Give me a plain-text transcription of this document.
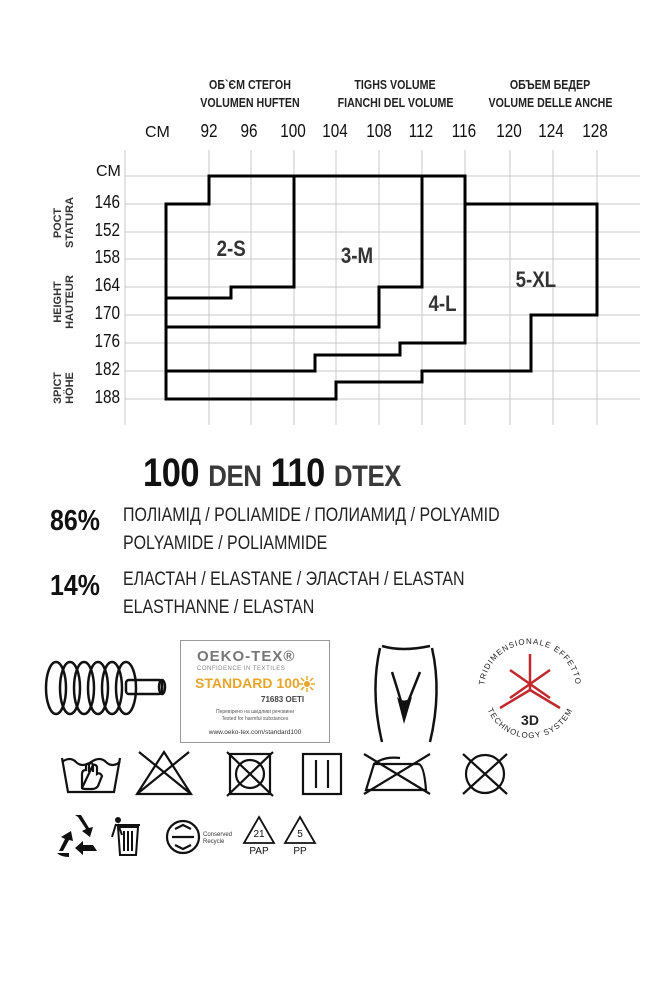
ОБ`ЄМ СТЕГОН
VOLUMEN HUFTEN
TIGHS VOLUME
FIANCHI DEL VOLUME
ОБЪЕМ БЕДЕР
VOLUME DELLE ANCHE
CM
CM
92	96	100 104 108 112 116 120 124 128
146
152
158
164
170
176
182
188
РОСТ STATURA
HEIGHT HAUTEUR
ЗРІСТ HÖHE
2-S	3-M
4-L
5-XL
100 DEN 110 DTEX
86% ПОЛІАМІД / POLIAMIDE / ПОЛИАМИД / POLYAMID
POLYAMIDE / POLIAMMIDE
14% ЕЛАСТАН / ELASTANE / ЭЛАСТАН / ELASTAN
ELASTHANNE / ELASTAN
OEKO-TEX®
CONFIDENCE IN TEXTILES
STANDARD 100
71683 OETI
Перевірено на шкідливі речовини
Tested for harmful substances
www.oeko-tex.com/standard100
TRIDIMENSIONALE EFFETTO
TECHNOLOGY SYSTEM
3D
Conserved Recycle
21
PAP
5
PP
